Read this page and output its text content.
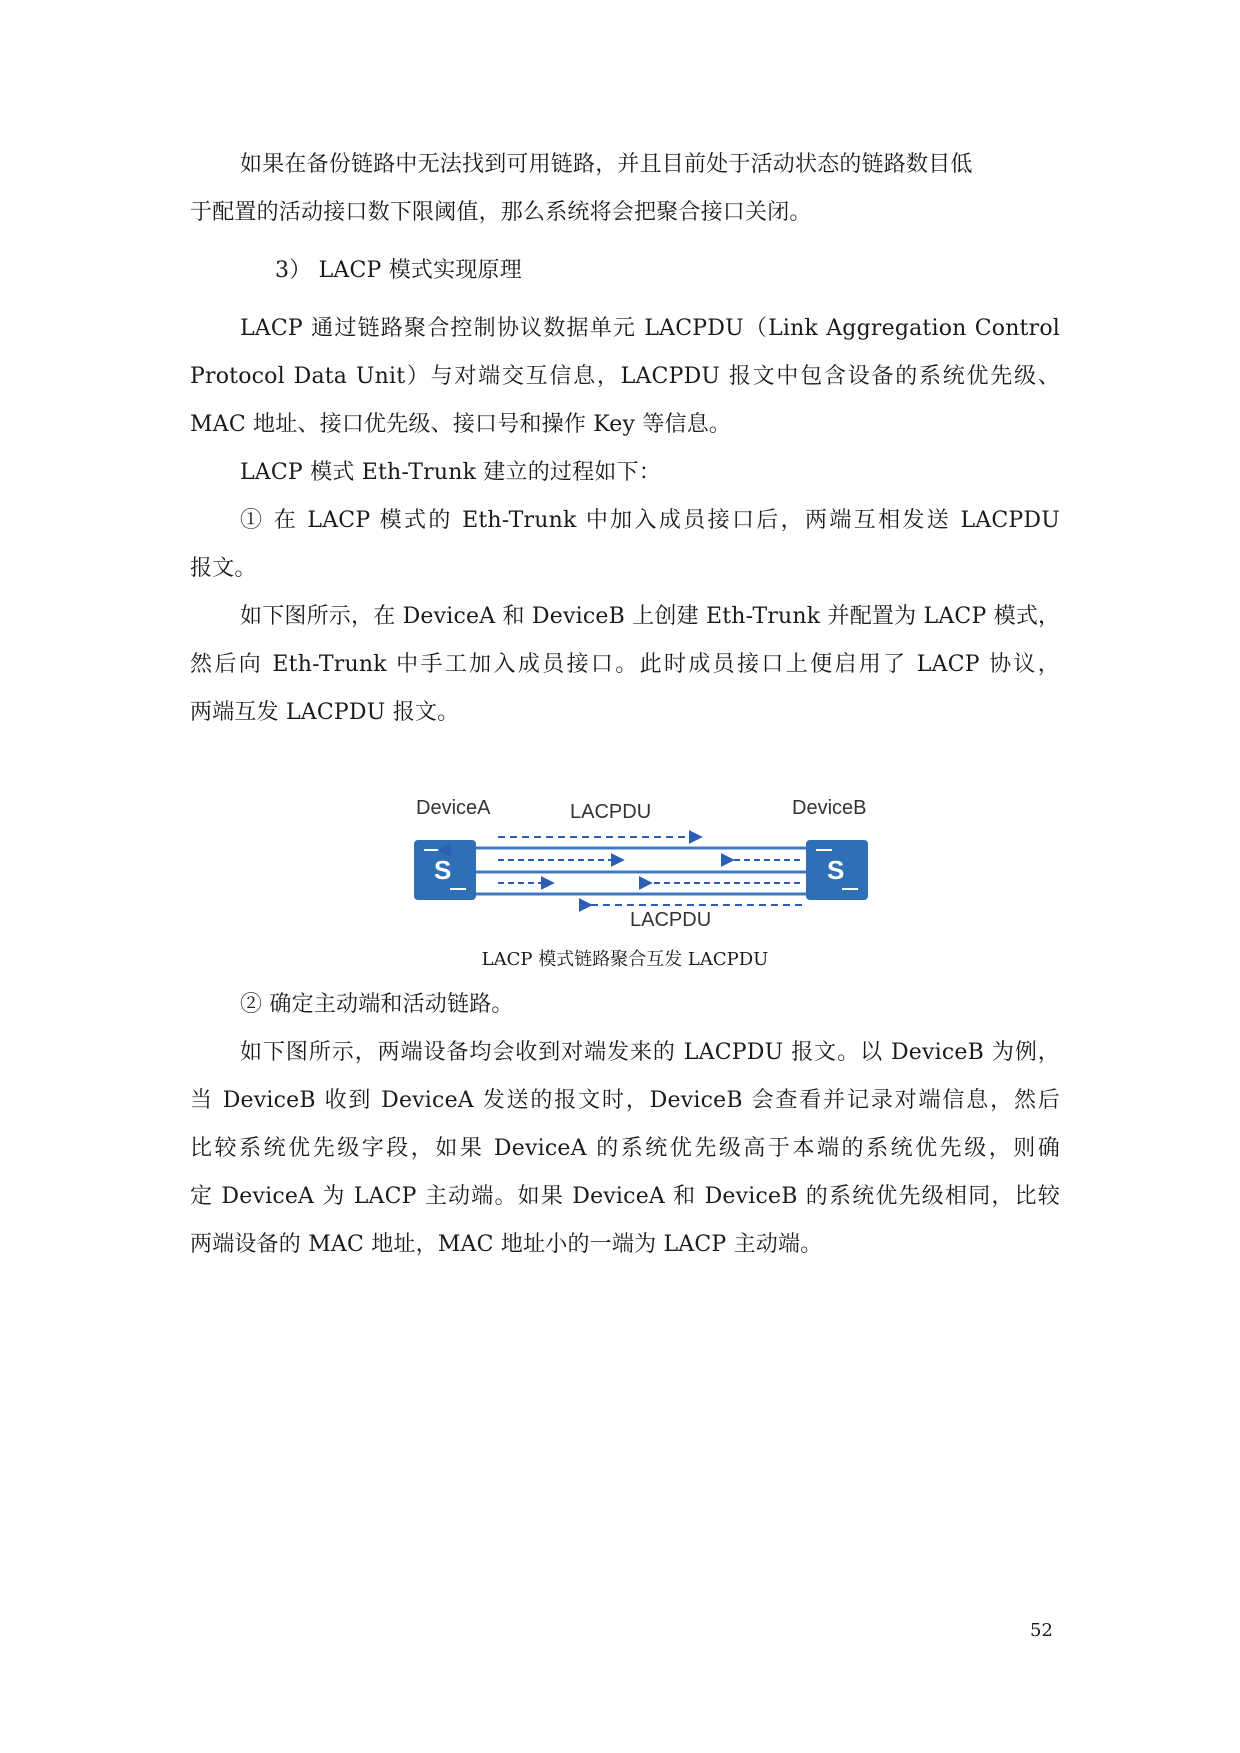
如果在备份链路中无法找到可用链路，并且目前处于活动状态的链路数目低
于配置的活动接口数下限阈值，那么系统将会把聚合接口关闭。
3） LACP 模式实现原理
LACP 通过链路聚合控制协议数据单元 LACPDU（Link Aggregation Control
Protocol Data Unit）与对端交互信息，LACPDU 报文中包含设备的系统优先级、
MAC 地址、接口优先级、接口号和操作 Key 等信息。
LACP 模式 Eth-Trunk 建立的过程如下：
① 在 LACP 模式的 Eth-Trunk 中加入成员接口后，两端互相发送 LACPDU
报文。
如下图所示，在 DeviceA 和 DeviceB 上创建 Eth-Trunk 并配置为 LACP 模式，
然后向 Eth-Trunk 中手工加入成员接口。此时成员接口上便启用了 LACP 协议，
两端互发 LACPDU 报文。
DeviceA	LACPDU	DeviceB
S	S
LACPDU
LACP 模式链路聚合互发 LACPDU
② 确定主动端和活动链路。
如下图所示，两端设备均会收到对端发来的 LACPDU 报文。以 DeviceB 为例，
当 DeviceB 收到 DeviceA 发送的报文时，DeviceB 会查看并记录对端信息，然后
比较系统优先级字段，如果 DeviceA 的系统优先级高于本端的系统优先级，则确
定 DeviceA 为 LACP 主动端。如果 DeviceA 和 DeviceB 的系统优先级相同，比较
两端设备的 MAC 地址，MAC 地址小的一端为 LACP 主动端。
52
